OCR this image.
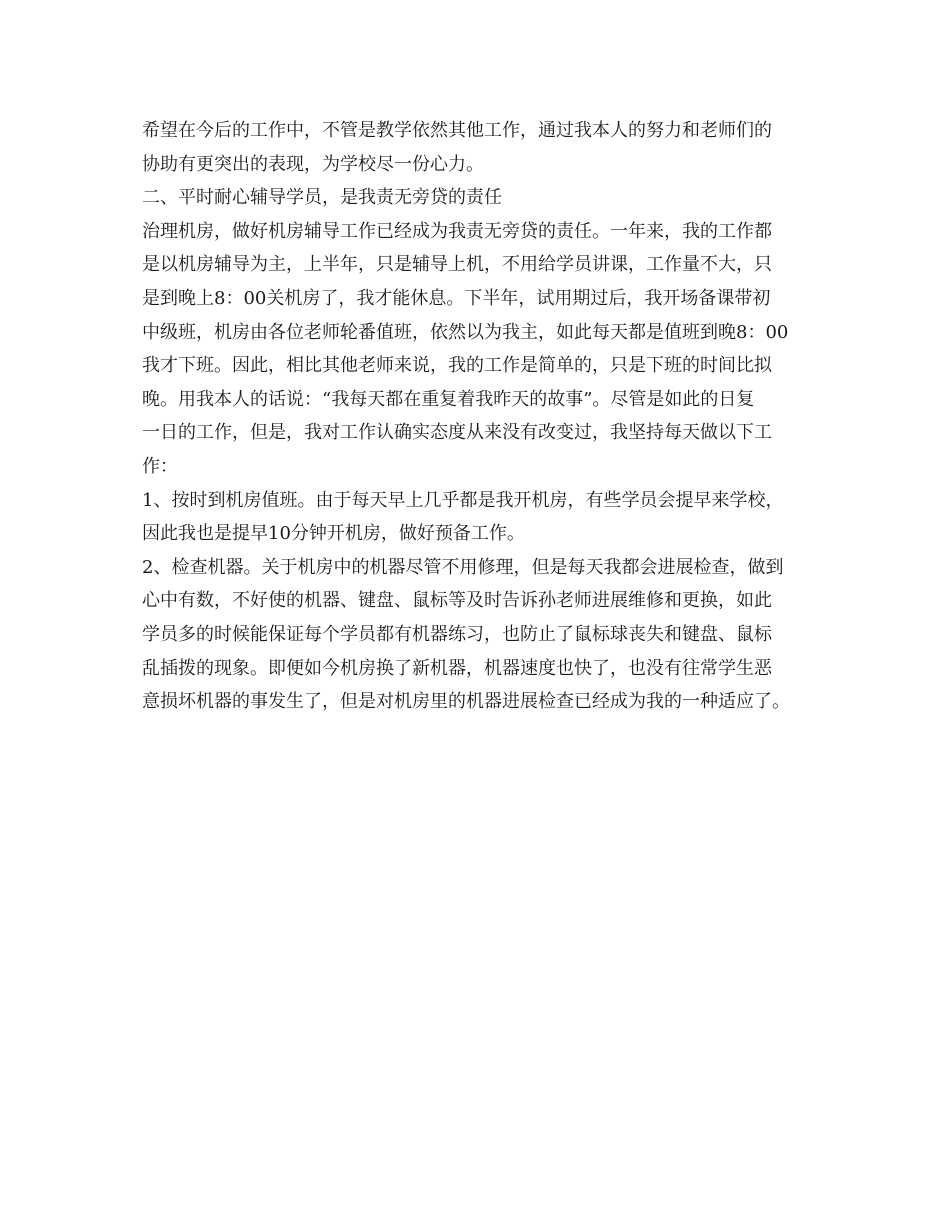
希望在今后的工作中，不管是教学依然其他工作，通过我本人的努力和老师们的
协助有更突出的表现，为学校尽一份心力。
二、平时耐心辅导学员，是我责无旁贷的责任
治理机房，做好机房辅导工作已经成为我责无旁贷的责任。一年来，我的工作都
是以机房辅导为主，上半年，只是辅导上机，不用给学员讲课，工作量不大，只
是到晚上8：00关机房了，我才能休息。下半年，试用期过后，我开场备课带初
中级班，机房由各位老师轮番值班，依然以为我主，如此每天都是值班到晚8：00
我才下班。因此，相比其他老师来说，我的工作是简单的，只是下班的时间比拟
晚。用我本人的话说：“我每天都在重复着我昨天的故事”。尽管是如此的日复
一日的工作，但是，我对工作认确实态度从来没有改变过，我坚持每天做以下工
作：
1、按时到机房值班。由于每天早上几乎都是我开机房，有些学员会提早来学校，
因此我也是提早10分钟开机房，做好预备工作。
2、检查机器。关于机房中的机器尽管不用修理，但是每天我都会进展检查，做到
心中有数，不好使的机器、键盘、鼠标等及时告诉孙老师进展维修和更换，如此
学员多的时候能保证每个学员都有机器练习，也防止了鼠标球丧失和键盘、鼠标
乱插拨的现象。即便如今机房换了新机器，机器速度也快了，也没有往常学生恶
意损坏机器的事发生了，但是对机房里的机器进展检查已经成为我的一种适应了。
